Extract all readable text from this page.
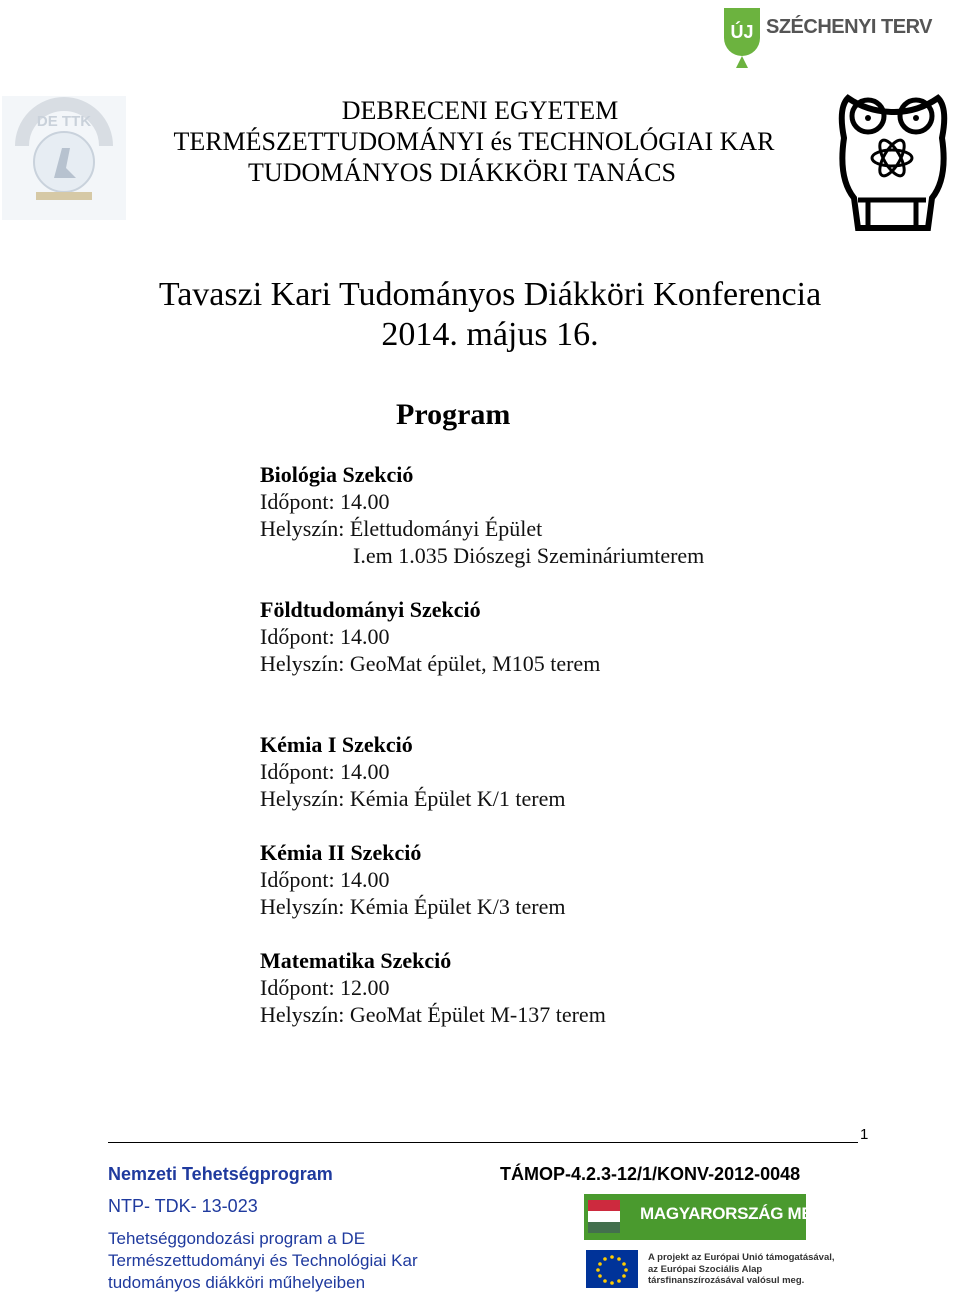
ÚJ SZÉCHENYI TERV
DE TTK	DEBRECENI EGYETEM
TERMÉSZETTUDOMÁNYI és TECHNOLÓGIAI KAR
TUDOMÁNYOS DIÁKKÖRI TANÁCS
Tavaszi Kari Tudományos Diákköri Konferencia
2014. május 16.
Program
Biológia Szekció
Időpont: 14.00
Helyszín: Élettudományi Épület
I.em 1.035 Diószegi Szemináriumterem
Földtudományi Szekció
Időpont: 14.00
Helyszín: GeoMat épület, M105 terem
Kémia I Szekció
Időpont: 14.00
Helyszín: Kémia Épület K/1 terem
Kémia II Szekció
Időpont: 14.00
Helyszín: Kémia Épület K/3 terem
Matematika Szekció
Időpont: 12.00
Helyszín: GeoMat Épület M-137 terem
1
Nemzeti Tehetségprogram	TÁMOP-4.2.3-12/1/KONV-2012-0048
NTP- TDK- 13-023
Tehetséggondozási program a DE
Természettudományi és Technológiai Kar
tudományos diákköri műhelyeiben
MAGYARORSZÁG MEGÚJUL
A projekt az Európai Unió támogatásával,
az Európai Szociális Alap
társfinanszírozásával valósul meg.
